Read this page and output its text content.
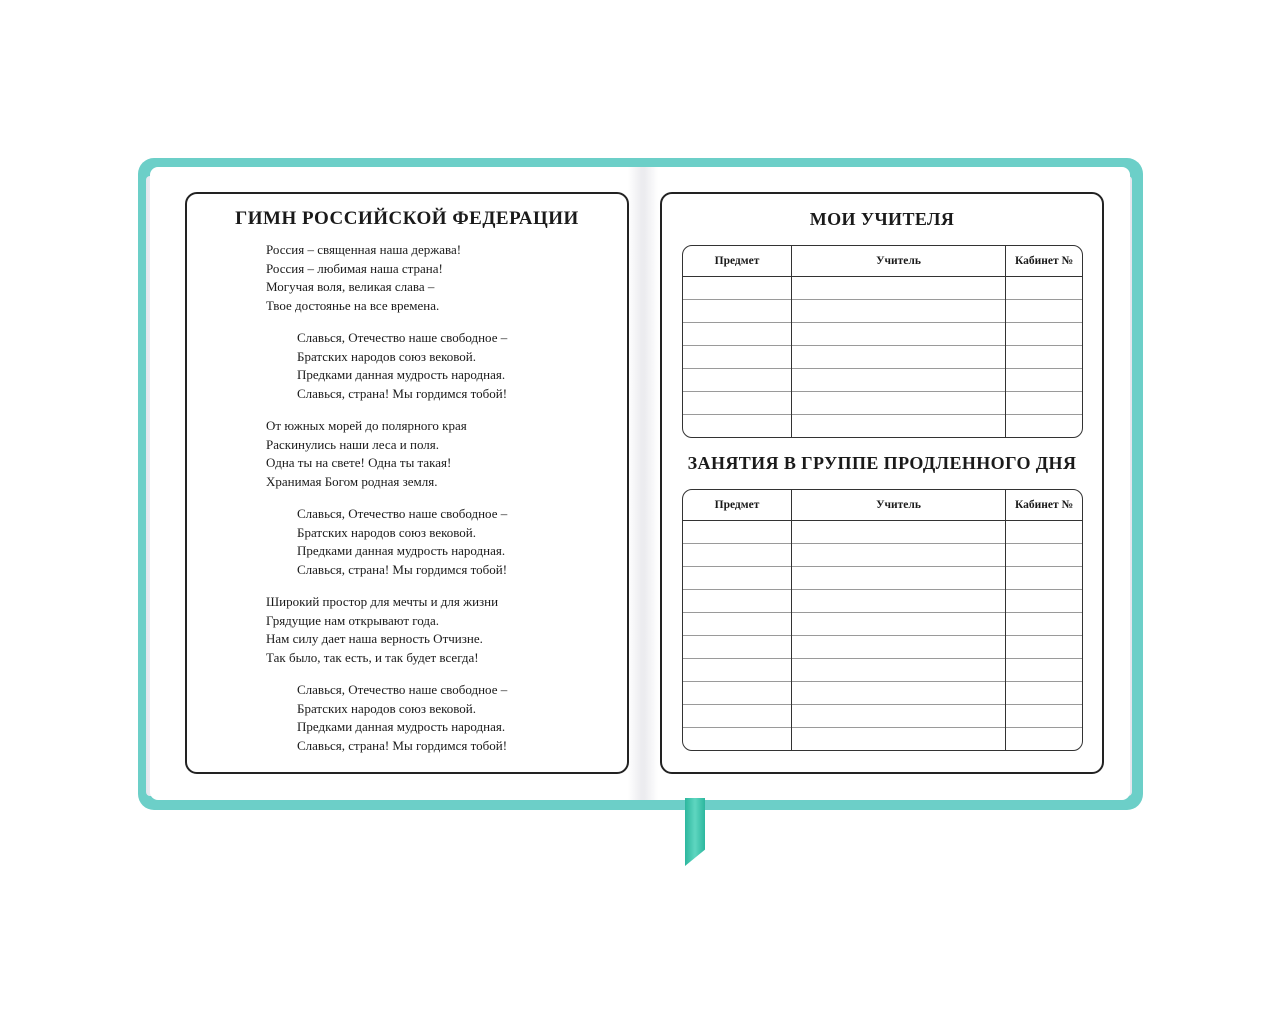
ГИМН РОССИЙСКОЙ ФЕДЕРАЦИИ
Россия – священная наша держава!
Россия – любимая наша страна!
Могучая воля, великая слава –
Твое достоянье на все времена.
Славься, Отечество наше свободное –
Братских народов союз вековой.
Предками данная мудрость народная.
Славься, страна! Мы гордимся тобой!
От южных морей до полярного края
Раскинулись наши леса и поля.
Одна ты на свете! Одна ты такая!
Хранимая Богом родная земля.
Славься, Отечество наше свободное –
Братских народов союз вековой.
Предками данная мудрость народная.
Славься, страна! Мы гордимся тобой!
Широкий простор для мечты и для жизни
Грядущие нам открывают года.
Нам силу дает наша верность Отчизне.
Так было, так есть, и так будет всегда!
Славься, Отечество наше свободное –
Братских народов союз вековой.
Предками данная мудрость народная.
Славься, страна! Мы гордимся тобой!
МОИ УЧИТЕЛЯ
Предмет	Учитель	Кабинет №
ЗАНЯТИЯ В ГРУППЕ ПРОДЛЕННОГО ДНЯ
Предмет	Учитель	Кабинет №
